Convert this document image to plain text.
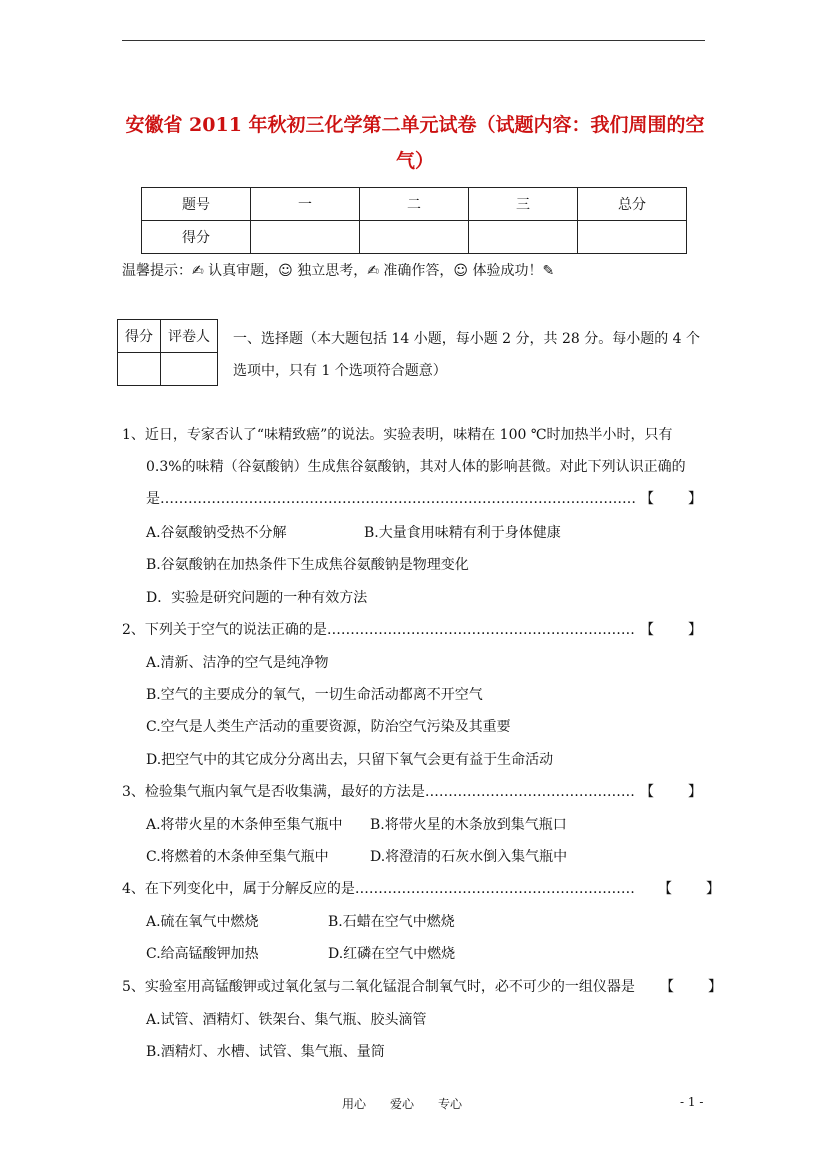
安徽省 2011 年秋初三化学第二单元试卷（试题内容：我们周围的空
气）
题号	一	二	三	总分
得分				
温馨提示：✍ 认真审题，☺ 独立思考，✍ 准确作答，☺ 体验成功！✎
得分	评卷人
	一、选择题（本大题包括 14 小题，每小题 2 分，共 28 分。每小题的 4 个选项中，只有 1 个选项符合题意）
1、近日，专家否认了“味精致癌”的说法。实验表明，味精在 100 ℃时加热半小时，只有
0.3%的味精（谷氨酸钠）生成焦谷氨酸钠，其对人体的影响甚微。对此下列认识正确的
是………………………………………………………………………………………… 【　　】
A.谷氨酸钠受热不分解	B.大量食用味精有利于身体健康
B.谷氨酸钠在加热条件下生成焦谷氨酸钠是物理变化
D．实验是研究问题的一种有效方法
2、下列关于空气的说法正确的是………………………………………………………… 【　　】
A.清新、洁净的空气是纯净物
B.空气的主要成分的氧气，一切生命活动都离不开空气
C.空气是人类生产活动的重要资源，防治空气污染及其重要
D.把空气中的其它成分分离出去，只留下氧气会更有益于生命活动
3、检验集气瓶内氧气是否收集满，最好的方法是……………………………………… 【　　】
A.将带火星的木条伸至集气瓶中 B.将带火星的木条放到集气瓶口
C.将燃着的木条伸至集气瓶中	D.将澄清的石灰水倒入集气瓶中
4、在下列变化中，属于分解反应的是…………………………………………………… 【　　】
A.硫在氧气中燃烧	B.石蜡在空气中燃烧
C.给高锰酸钾加热	D.红磷在空气中燃烧
5、实验室用高锰酸钾或过氧化氢与二氧化锰混合制氧气时，必不可少的一组仪器是 【　　】
A.试管、酒精灯、铁架台、集气瓶、胶头滴管
B.酒精灯、水槽、试管、集气瓶、量筒
用心　　爱心　　专心	- 1 -
